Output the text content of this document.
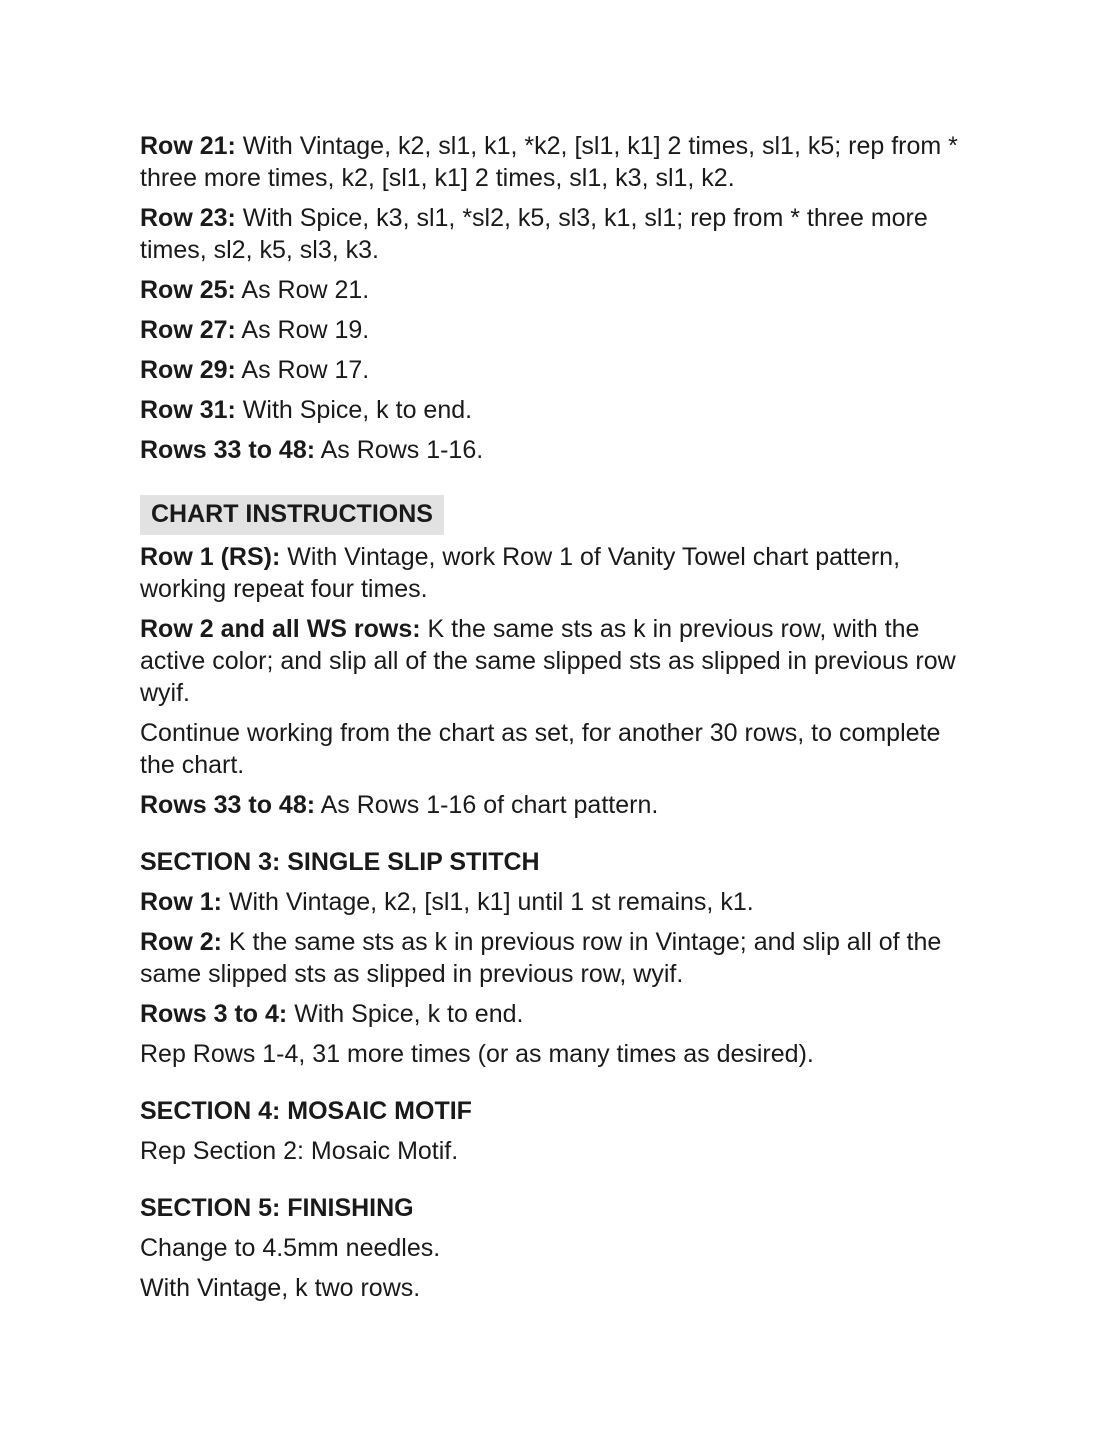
Row 21: With Vintage, k2, sl1, k1, *k2, [sl1, k1] 2 times, sl1, k5; rep from * three more times, k2, [sl1, k1] 2 times, sl1, k3, sl1, k2.
Row 23: With Spice, k3, sl1, *sl2, k5, sl3, k1, sl1; rep from * three more times, sl2, k5, sl3, k3.
Row 25: As Row 21.
Row 27: As Row 19.
Row 29: As Row 17.
Row 31: With Spice, k to end.
Rows 33 to 48: As Rows 1-16.
CHART INSTRUCTIONS
Row 1 (RS): With Vintage, work Row 1 of Vanity Towel chart pattern, working repeat four times.
Row 2 and all WS rows: K the same sts as k in previous row, with the active color; and slip all of the same slipped sts as slipped in previous row wyif.
Continue working from the chart as set, for another 30 rows, to complete the chart.
Rows 33 to 48: As Rows 1-16 of chart pattern.
SECTION 3: SINGLE SLIP STITCH
Row 1: With Vintage, k2, [sl1, k1] until 1 st remains, k1.
Row 2: K the same sts as k in previous row in Vintage; and slip all of the same slipped sts as slipped in previous row, wyif.
Rows 3 to 4: With Spice, k to end.
Rep Rows 1-4, 31 more times (or as many times as desired).
SECTION 4: MOSAIC MOTIF
Rep Section 2: Mosaic Motif.
SECTION 5: FINISHING
Change to 4.5mm needles.
With Vintage, k two rows.
